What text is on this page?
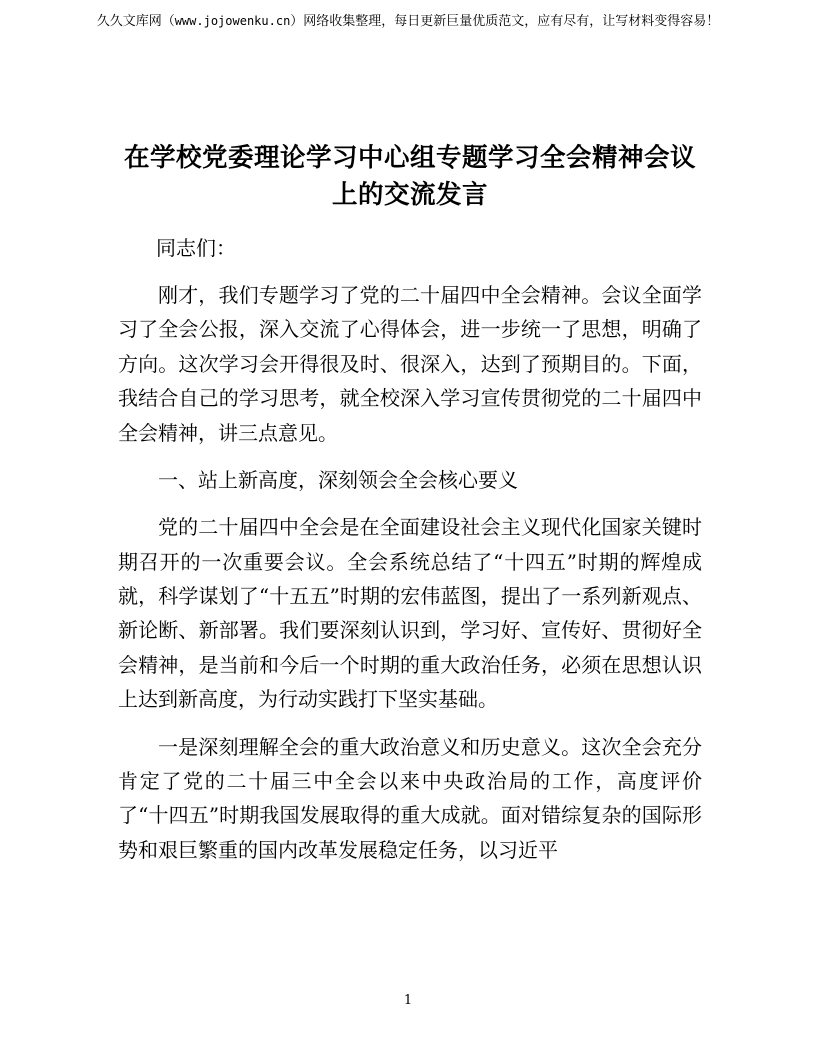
久久文库网（www.jojowenku.cn）网络收集整理，每日更新巨量优质范文，应有尽有，让写材料变得容易！
在学校党委理论学习中心组专题学习全会精神会议上的交流发言
同志们：

刚才，我们专题学习了党的二十届四中全会精神。会议全面学习了全会公报，深入交流了心得体会，进一步统一了思想，明确了方向。这次学习会开得很及时、很深入，达到了预期目的。下面，我结合自己的学习思考，就全校深入学习宣传贯彻党的二十届四中全会精神，讲三点意见。

一、站上新高度，深刻领会全会核心要义

党的二十届四中全会是在全面建设社会主义现代化国家关键时期召开的一次重要会议。全会系统总结了“十四五”时期的辉煌成就，科学谋划了“十五五”时期的宏伟蓝图，提出了一系列新观点、新论断、新部署。我们要深刻认识到，学习好、宣传好、贯彻好全会精神，是当前和今后一个时期的重大政治任务，必须在思想认识上达到新高度，为行动实践打下坚实基础。

一是深刻理解全会的重大政治意义和历史意义。这次全会充分肯定了党的二十届三中全会以来中央政治局的工作，高度评价了“十四五”时期我国发展取得的重大成就。面对错综复杂的国际形势和艰巨繁重的国内改革发展稳定任务，以习近平

1
